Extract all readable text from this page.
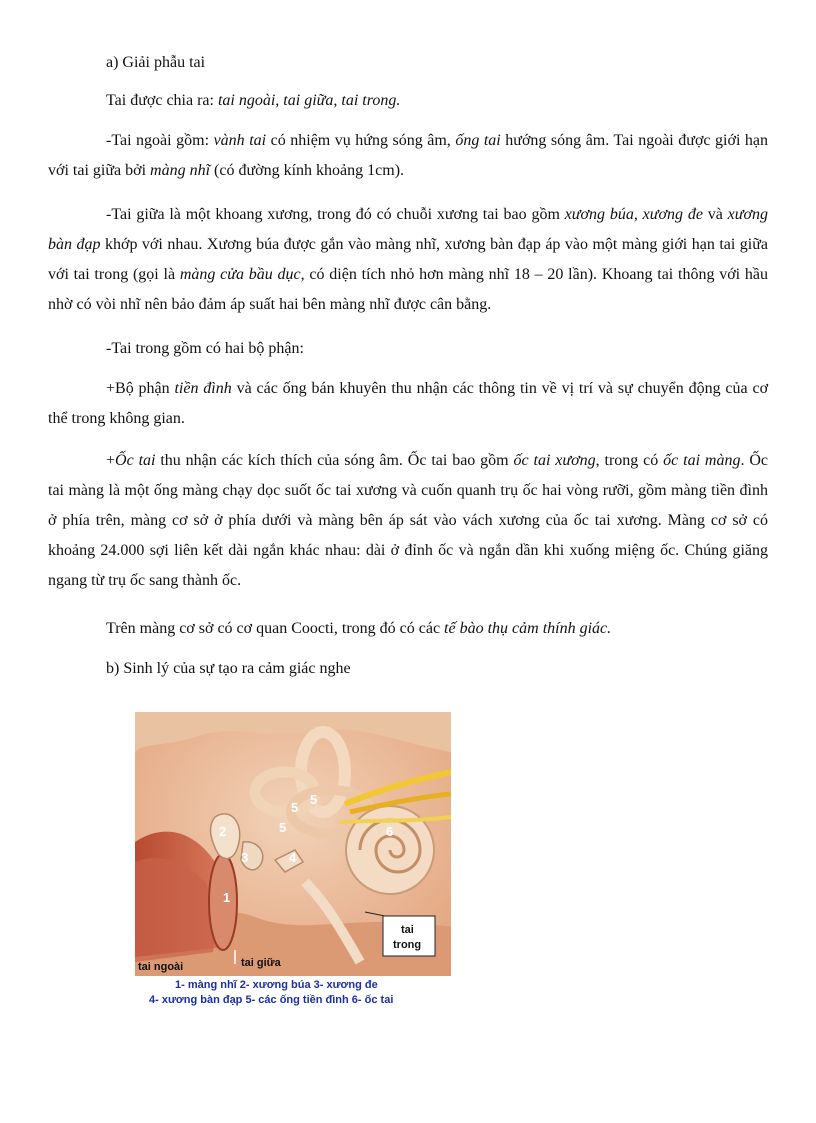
a) Giải phẫu tai

Tai được chia ra: tai ngoài, tai giữa, tai trong.

-Tai ngoài gồm: vành tai có nhiệm vụ hứng sóng âm, ống tai hướng sóng âm. Tai ngoài được giới hạn với tai giữa bởi màng nhĩ (có đường kính khoảng 1cm).

-Tai giữa là một khoang xương, trong đó có chuỗi xương tai bao gồm xương búa, xương đe và xương bàn đạp khớp với nhau. Xương búa được gắn vào màng nhĩ, xương bàn đạp áp vào một màng giới hạn tai giữa với tai trong (gọi là màng cửa bầu dục, có diện tích nhỏ hơn màng nhĩ 18 – 20 lần). Khoang tai thông với hầu nhờ có vòi nhĩ nên bảo đảm áp suất hai bên màng nhĩ được cân bằng.

-Tai trong gồm có hai bộ phận:

+Bộ phận tiền đình và các ống bán khuyên thu nhận các thông tin về vị trí và sự chuyển động của cơ thể trong không gian.

+Ốc tai thu nhận các kích thích của sóng âm. Ốc tai bao gồm ốc tai xương, trong có ốc tai màng. Ốc tai màng là một ống màng chạy dọc suốt ốc tai xương và cuốn quanh trụ ốc hai vòng rưỡi, gồm màng tiền đình ở phía trên, màng cơ sở ở phía dưới và màng bên áp sát vào vách xương của ốc tai xương. Màng cơ sở có khoảng 24.000 sợi liên kết dài ngắn khác nhau: dài ở đỉnh ốc và ngắn dần khi xuống miệng ốc. Chúng giăng ngang từ trụ ốc sang thành ốc.

Trên màng cơ sở có cơ quan Coocti, trong đó có các tế bào thụ cảm thính giác.

b) Sinh lý của sự tạo ra cảm giác nghe

1
2
3	4
5
5
5
6
tai ngoài	tai giữa
tai
trong
1- màng nhĩ 2- xương búa 3- xương đe
4- xương bàn đạp 5- các ống tiền đình 6- ốc tai
